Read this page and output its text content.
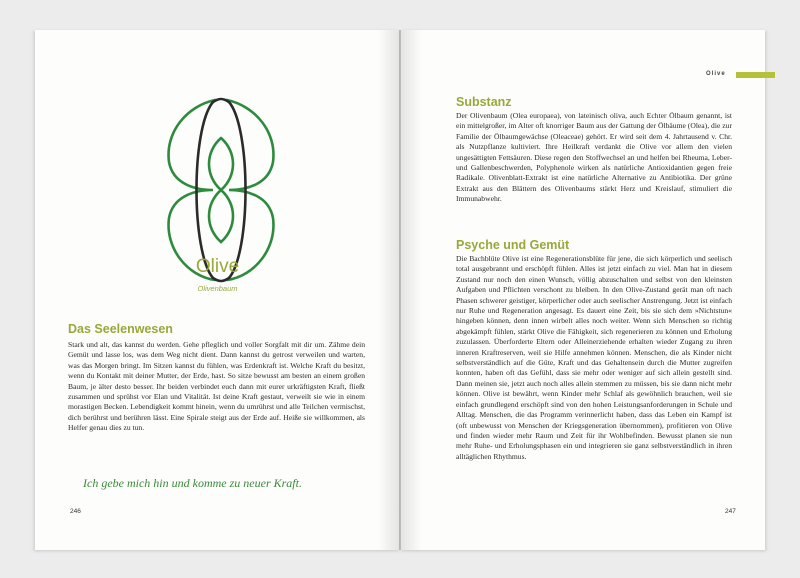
Olive
Olivenbaum
Das Seelenwesen

Stark und alt, das kannst du werden. Gehe pfleglich und voller Sorgfalt mit dir um. Zähme dein Gemüt und lasse los, was dem Weg nicht dient. Dann kannst du getrost verweilen und warten, was das Morgen bringt. Im Sitzen kannst du fühlen, was Erdenkraft ist. Welche Kraft du besitzt, wenn du Kontakt mit deiner Mutter, der Erde, hast. So sitze bewusst am besten an einem großen Baum, je älter desto besser. Ihr beiden verbindet euch dann mit eurer urkräftigsten Kraft, fließt zusammen und sprühst vor Elan und Vitalität. Ist deine Kraft gestaut, verweilt sie wie in einem morastigen Becken. Lebendigkeit kommt hinein, wenn du umrührst und alle Teilchen vermischst, dich berührst und berühren lässt. Eine Spirale steigt aus der Erde auf. Heiße sie willkommen, als Helfer genau dies zu tun.

Ich gebe mich hin und komme zu neuer Kraft.
246
Olive
Substanz

Der Olivenbaum (Olea europaea), von lateinisch oliva, auch Echter Ölbaum genannt, ist ein mittelgroßer, im Alter oft knorriger Baum aus der Gattung der Ölbäume (Olea), die zur Familie der Ölbaumgewächse (Oleaceae) gehört. Er wird seit dem 4. Jahrtausend v. Chr. als Nutzpflanze kultiviert. Ihre Heilkraft verdankt die Olive vor allem den vielen ungesättigten Fettsäuren. Diese regen den Stoffwechsel an und helfen bei Rheuma, Leber- und Gallenbeschwerden, Polyphenole wirken als natürliche Antioxidantien gegen freie Radikale. Olivenblatt-Extrakt ist eine natürliche Alternative zu Antibiotika. Der grüne Extrakt aus den Blättern des Olivenbaums stärkt Herz und Kreislauf, stimuliert die Immunabwehr.

Psyche und Gemüt

Die Bachblüte Olive ist eine Regenerationsblüte für jene, die sich körperlich und seelisch total ausgebrannt und erschöpft fühlen. Alles ist jetzt einfach zu viel. Man hat in diesem Zustand nur noch den einen Wunsch, völlig abzuschalten und selbst von den kleinsten Aufgaben und Pflichten verschont zu bleiben. In den Olive-Zustand gerät man oft nach Phasen schwerer geistiger, körperlicher oder auch seelischer Anstrengung. Jetzt ist einfach nur Ruhe und Regeneration angesagt. Es dauert eine Zeit, bis sie sich dem »Nichtstun« hingeben können, denn innen wirbelt alles noch weiter. Wenn sich Menschen so richtig abgekämpft fühlen, stärkt Olive die Fähigkeit, sich regenerieren zu können und Erholung zuzulassen. Überforderte Eltern oder Alleinerziehende erhalten wieder Zugang zu ihren inneren Kraftreserven, weil sie Hilfe annehmen können. Menschen, die als Kinder nicht selbstverständlich auf die Güte, Kraft und das Gehaltensein durch die Mutter zugreifen konnten, haben oft das Gefühl, dass sie mehr oder weniger auf sich allein gestellt sind. Dann meinen sie, jetzt auch noch alles allein stemmen zu müssen, bis sie dann nicht mehr können. Olive ist bewährt, wenn Kinder mehr Schlaf als gewöhnlich brauchen, weil sie einfach grundlegend erschöpft sind von den hohen Leistungsanforderungen in Schule und Alltag. Menschen, die das Programm verinnerlicht haben, dass das Leben ein Kampf ist (oft unbewusst von Menschen der Kriegsgeneration übernommen), profitieren von Olive und finden wieder mehr Raum und Zeit für ihr Wohlbefinden. Bewusst planen sie nun mehr Ruhe- und Erholungsphasen ein und integrieren sie ganz selbstverständlich in ihren alltäglichen Rhythmus.

247
